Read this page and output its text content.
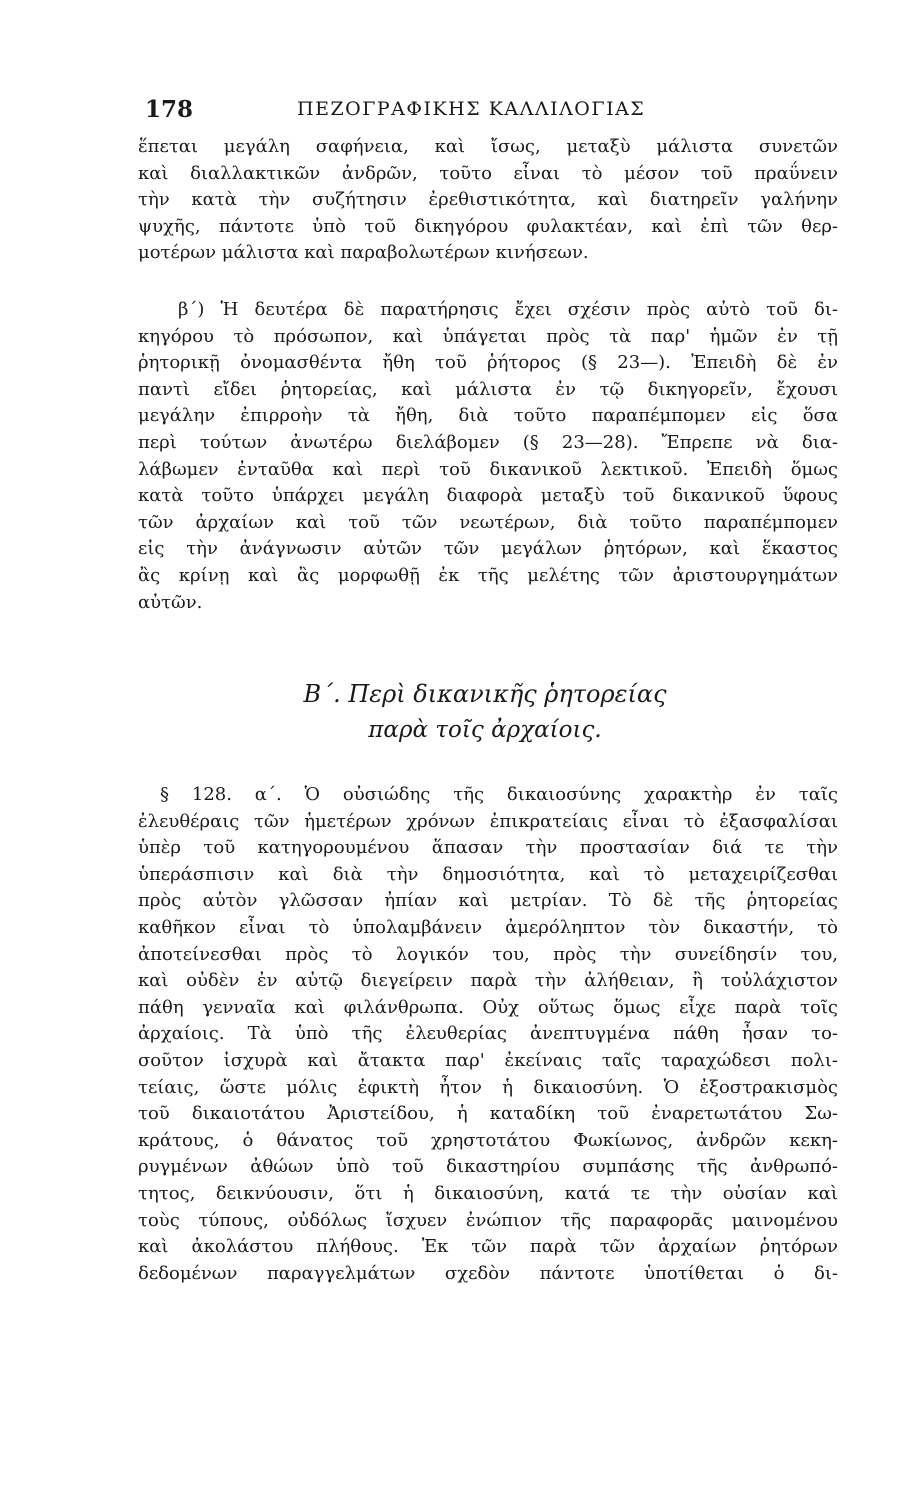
178	ΠΕΖΟΓΡΑΦΙΚΗΣ ΚΑΛΛΙΛΟΓΙΑΣ
ἕπεται μεγάλη σαφήνεια, καὶ ἴσως, μεταξὺ μάλιστα συνετῶν
καὶ διαλλακτικῶν ἀνδρῶν, τοῦτο εἶναι τὸ μέσον τοῦ πραΰνειν
τὴν κατὰ τὴν συζήτησιν ἐρεθιστικότητα, καὶ διατηρεῖν γαλήνην
ψυχῆς, πάντοτε ὑπὸ τοῦ δικηγόρου φυλακτέαν, καὶ ἐπὶ τῶν θερ-
μοτέρων μάλιστα καὶ παραβολωτέρων κινήσεων.
β΄) Ἡ δευτέρα δὲ παρατήρησις ἔχει σχέσιν πρὸς αὐτὸ τοῦ δι-
κηγόρου τὸ πρόσωπον, καὶ ὑπάγεται πρὸς τὰ παρ' ἡμῶν ἐν τῇ
ῥητορικῇ ὀνομασθέντα ἤθη τοῦ ῥήτορος (§ 23—). Ἐπειδὴ δὲ ἐν
παντὶ εἴδει ῥητορείας, καὶ μάλιστα ἐν τῷ δικηγορεῖν, ἔχουσι
μεγάλην ἐπιρροὴν τὰ ἤθη, διὰ τοῦτο παραπέμπομεν εἰς ὅσα
περὶ τούτων ἀνωτέρω διελάβομεν (§ 23—28). Ἔπρεπε νὰ δια-
λάβωμεν ἐνταῦθα καὶ περὶ τοῦ δικανικοῦ λεκτικοῦ. Ἐπειδὴ ὅμως
κατὰ τοῦτο ὑπάρχει μεγάλη διαφορὰ μεταξὺ τοῦ δικανικοῦ ὕφους
τῶν ἀρχαίων καὶ τοῦ τῶν νεωτέρων, διὰ τοῦτο παραπέμπομεν
εἰς τὴν ἀνάγνωσιν αὐτῶν τῶν μεγάλων ῥητόρων, καὶ ἕκαστος
ἂς κρίνῃ καὶ ἂς μορφωθῇ ἐκ τῆς μελέτης τῶν ἀριστουργημάτων
αὐτῶν.
Β΄. Περὶ δικανικῆς ῥητορείας
παρὰ τοῖς ἀρχαίοις.
§ 128. α΄. Ὁ οὐσιώδης τῆς δικαιοσύνης χαρακτὴρ ἐν ταῖς
ἐλευθέραις τῶν ἡμετέρων χρόνων ἐπικρατείαις εἶναι τὸ ἐξασφαλίσαι
ὑπὲρ τοῦ κατηγορουμένου ἅπασαν τὴν προστασίαν διά τε τὴν
ὑπεράσπισιν καὶ διὰ τὴν δημοσιότητα, καὶ τὸ μεταχειρίζεσθαι
πρὸς αὐτὸν γλῶσσαν ἠπίαν καὶ μετρίαν. Τὸ δὲ τῆς ῥητορείας
καθῆκον εἶναι τὸ ὑπολαμβάνειν ἀμερόληπτον τὸν δικαστήν, τὸ
ἀποτείνεσθαι πρὸς τὸ λογικόν του, πρὸς τὴν συνείδησίν του,
καὶ οὐδὲν ἐν αὐτῷ διεγείρειν παρὰ τὴν ἀλήθειαν, ἢ τοὐλάχιστον
πάθη γενναῖα καὶ φιλάνθρωπα. Οὐχ οὕτως ὅμως εἶχε παρὰ τοῖς
ἀρχαίοις. Τὰ ὑπὸ τῆς ἐλευθερίας ἀνεπτυγμένα πάθη ἦσαν το-
σοῦτον ἰσχυρὰ καὶ ἄτακτα παρ' ἐκείναις ταῖς ταραχώδεσι πολι-
τείαις, ὥστε μόλις ἐφικτὴ ἦτον ἡ δικαιοσύνη. Ὁ ἐξοστρακισμὸς
τοῦ δικαιοτάτου Ἀριστείδου, ἡ καταδίκη τοῦ ἐναρετωτάτου Σω-
κράτους, ὁ θάνατος τοῦ χρηστοτάτου Φωκίωνος, ἀνδρῶν κεκη-
ρυγμένων ἀθώων ὑπὸ τοῦ δικαστηρίου συμπάσης τῆς ἀνθρωπό-
τητος, δεικνύουσιν, ὅτι ἡ δικαιοσύνη, κατά τε τὴν οὐσίαν καὶ
τοὺς τύπους, οὐδόλως ἴσχυεν ἐνώπιον τῆς παραφορᾶς μαινομένου
καὶ ἀκολάστου πλήθους. Ἐκ τῶν παρὰ τῶν ἀρχαίων ῥητόρων
δεδομένων παραγγελμάτων σχεδὸν πάντοτε ὑποτίθεται ὁ δι-
